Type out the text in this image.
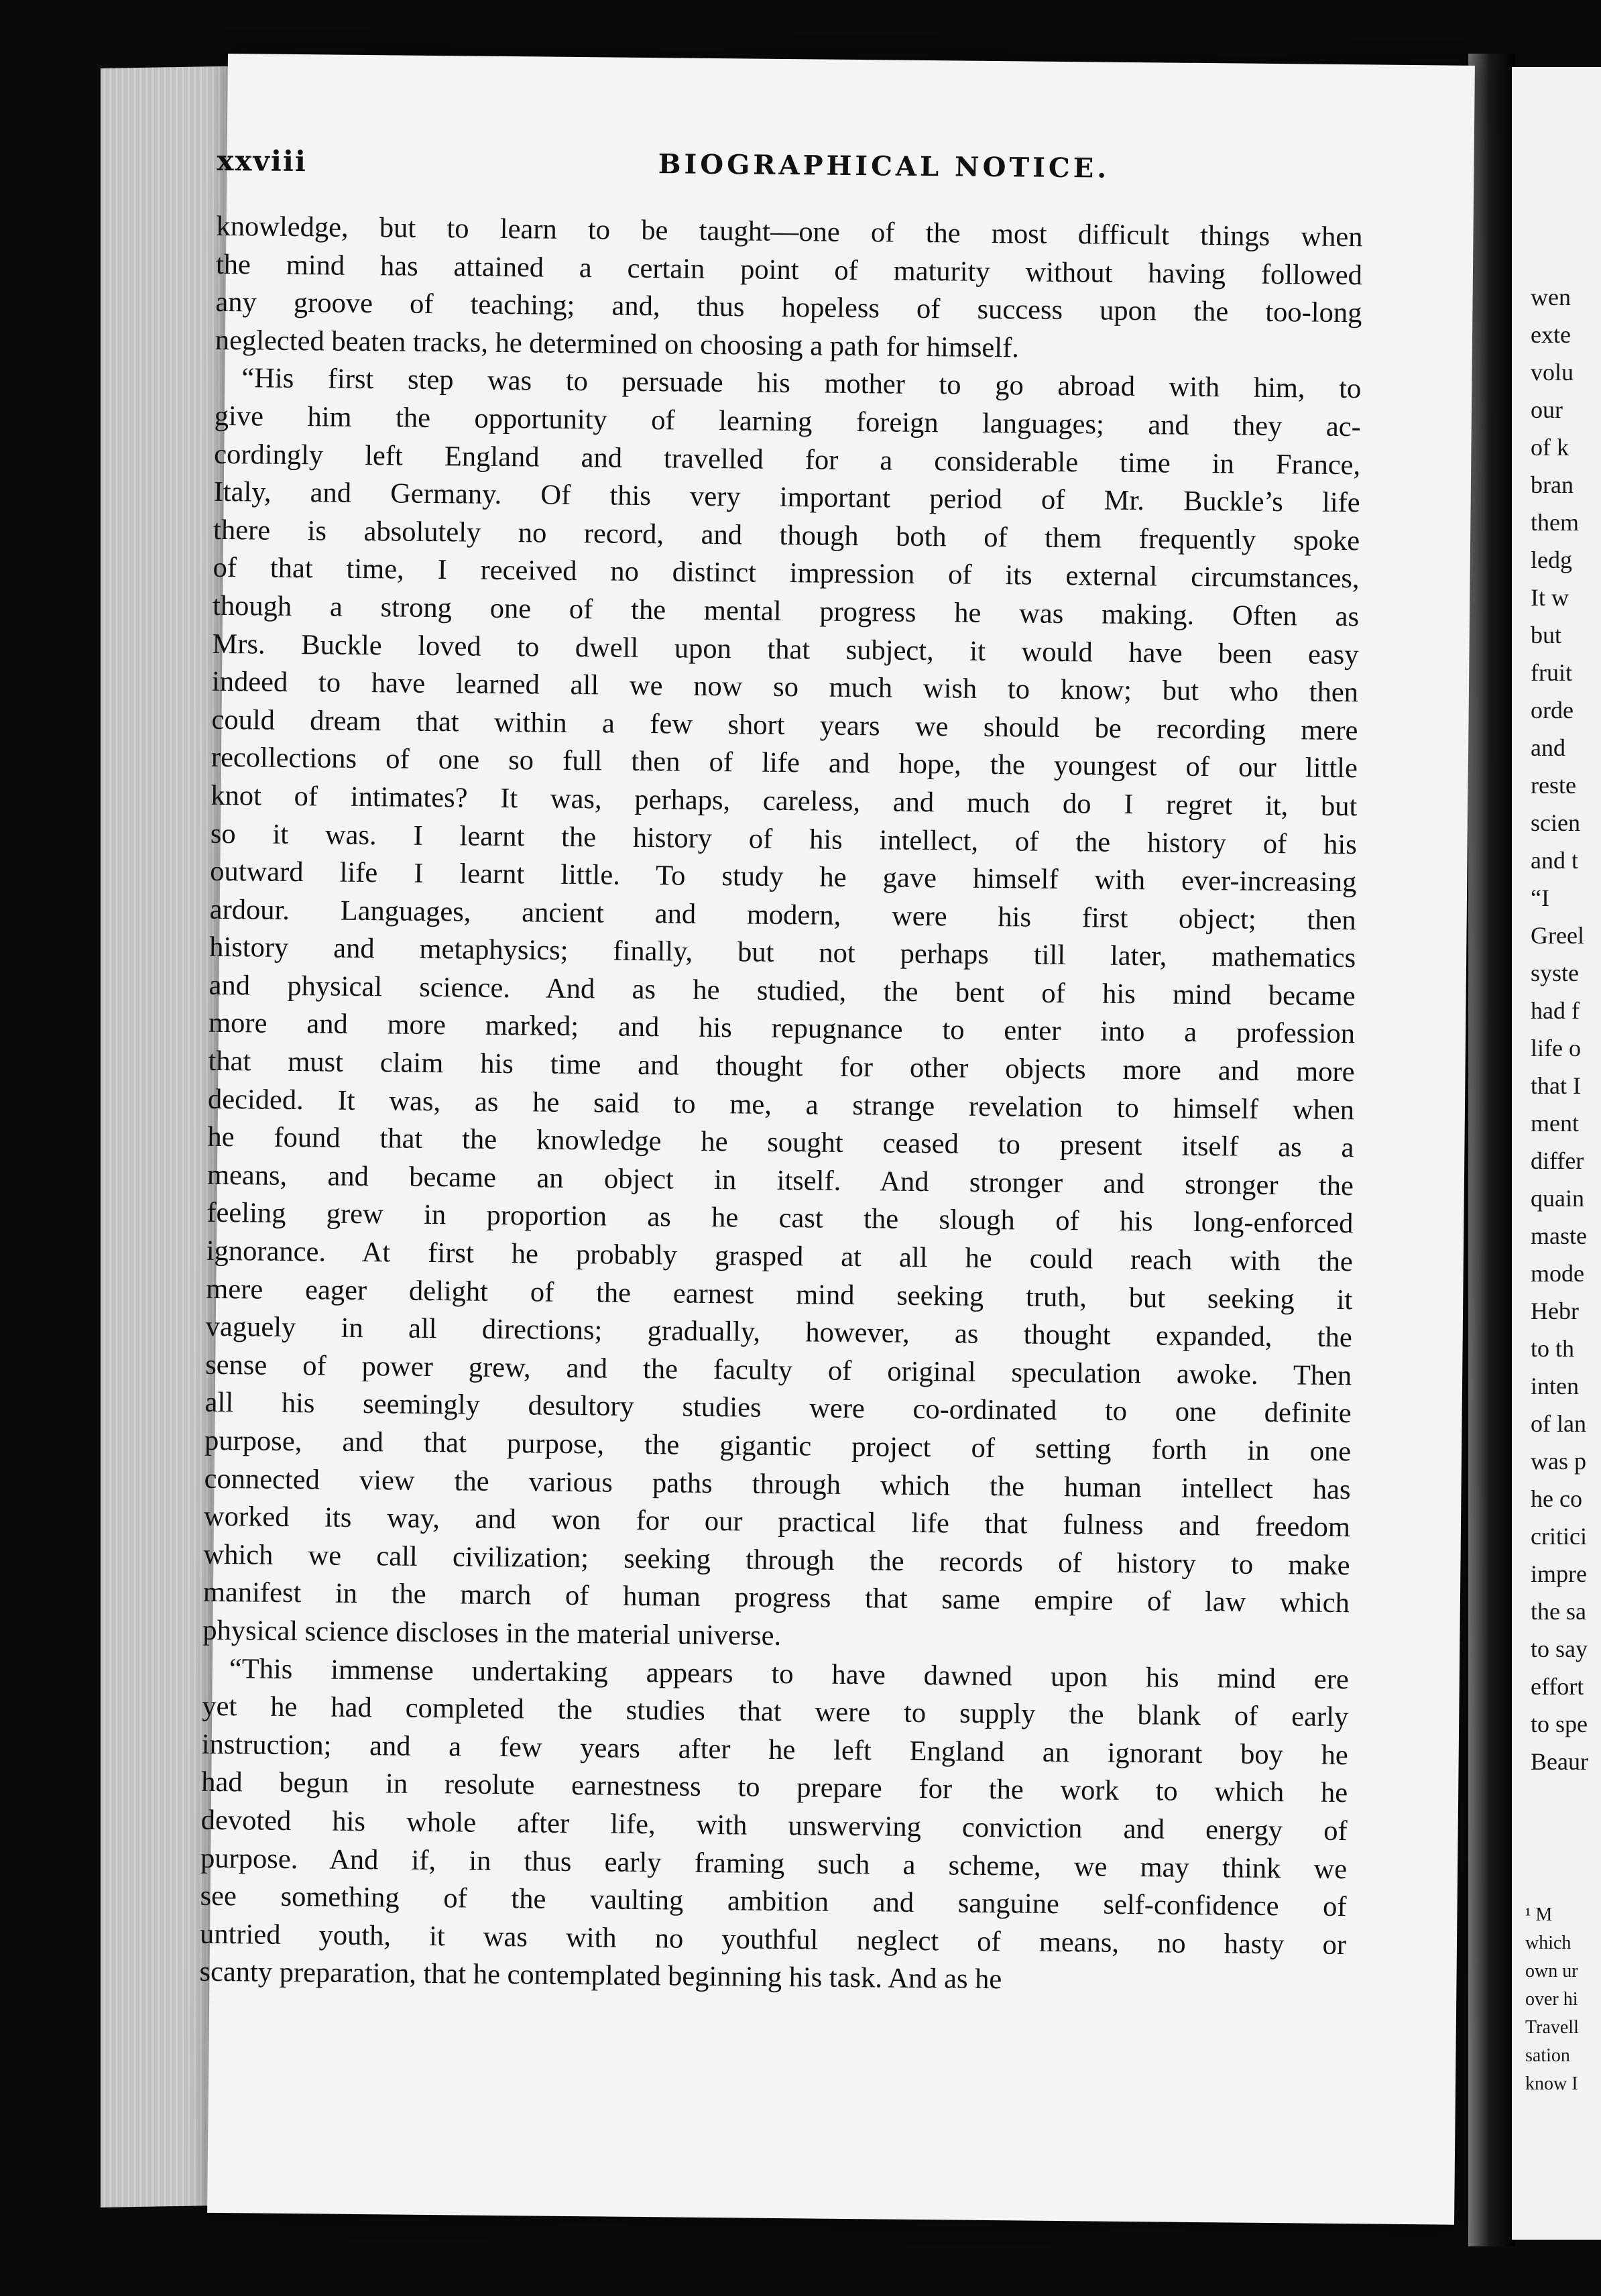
wen
exte
volu
our
of k
bran
them
ledg
It w
but
fruit
orde
and
reste
scien
and t
“I
Greel
syste
had f
life o
that I
ment
differ
quain
maste
mode
Hebr
to th
inten
of lan
was p
he co
critici
impre
the sa
to say
effort
to spe
Beaur
¹ M
which
own ur
over hi
Travell
sation
know I
xxviii	BIOGRAPHICAL NOTICE.
knowledge, but to learn to be taught—one of the most difficult things when
the mind has attained a certain point of maturity without having followed
any groove of teaching; and, thus hopeless of success upon the too-long
neglected beaten tracks, he determined on choosing a path for himself.
“His first step was to persuade his mother to go abroad with him, to
give him the opportunity of learning foreign languages; and they ac-
cordingly left England and travelled for a considerable time in France,
Italy, and Germany. Of this very important period of Mr. Buckle’s life
there is absolutely no record, and though both of them frequently spoke
of that time, I received no distinct impression of its external circumstances,
though a strong one of the mental progress he was making. Often as
Mrs. Buckle loved to dwell upon that subject, it would have been easy
indeed to have learned all we now so much wish to know; but who then
could dream that within a few short years we should be recording mere
recollections of one so full then of life and hope, the youngest of our little
knot of intimates? It was, perhaps, careless, and much do I regret it, but
so it was. I learnt the history of his intellect, of the history of his
outward life I learnt little. To study he gave himself with ever-increasing
ardour. Languages, ancient and modern, were his first object; then
history and metaphysics; finally, but not perhaps till later, mathematics
and physical science. And as he studied, the bent of his mind became
more and more marked; and his repugnance to enter into a profession
that must claim his time and thought for other objects more and more
decided. It was, as he said to me, a strange revelation to himself when
he found that the knowledge he sought ceased to present itself as a
means, and became an object in itself. And stronger and stronger the
feeling grew in proportion as he cast the slough of his long-enforced
ignorance. At first he probably grasped at all he could reach with the
mere eager delight of the earnest mind seeking truth, but seeking it
vaguely in all directions; gradually, however, as thought expanded, the
sense of power grew, and the faculty of original speculation awoke. Then
all his seemingly desultory studies were co-ordinated to one definite
purpose, and that purpose, the gigantic project of setting forth in one
connected view the various paths through which the human intellect has
worked its way, and won for our practical life that fulness and freedom
which we call civilization; seeking through the records of history to make
manifest in the march of human progress that same empire of law which
physical science discloses in the material universe.
“This immense undertaking appears to have dawned upon his mind ere
yet he had completed the studies that were to supply the blank of early
instruction; and a few years after he left England an ignorant boy he
had begun in resolute earnestness to prepare for the work to which he
devoted his whole after life, with unswerving conviction and energy of
purpose. And if, in thus early framing such a scheme, we may think we
see something of the vaulting ambition and sanguine self-confidence of
untried youth, it was with no youthful neglect of means, no hasty or
scanty preparation, that he contemplated beginning his task. And as he
